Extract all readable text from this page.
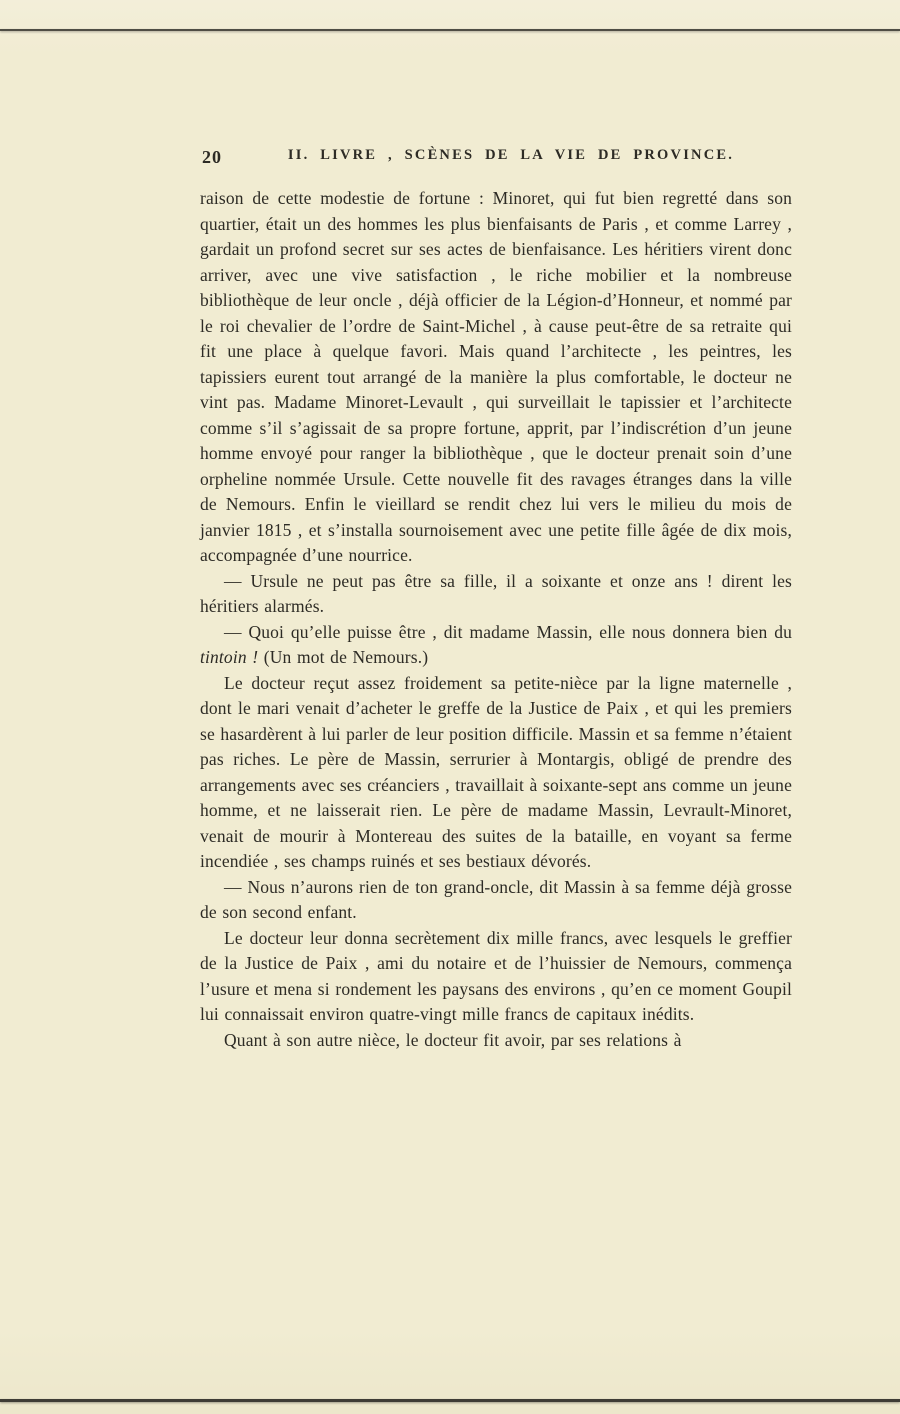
20	II. LIVRE , SCÈNES DE LA VIE DE PROVINCE.

raison de cette modestie de fortune : Minoret, qui fut bien regretté dans son quartier, était un des hommes les plus bienfaisants de Paris , et comme Larrey , gardait un profond secret sur ses actes de bienfaisance. Les héritiers virent donc arriver, avec une vive satisfaction , le riche mobilier et la nombreuse bibliothèque de leur oncle , déjà officier de la Légion-d’Honneur, et nommé par le roi chevalier de l’ordre de Saint-Michel , à cause peut-être de sa retraite qui fit une place à quelque favori. Mais quand l’architecte , les peintres, les tapissiers eurent tout arrangé de la manière la plus comfortable, le docteur ne vint pas. Madame Minoret-Levault , qui surveillait le tapissier et l’architecte comme s’il s’agissait de sa propre fortune, apprit, par l’indiscrétion d’un jeune homme envoyé pour ranger la bibliothèque , que le docteur prenait soin d’une orpheline nommée Ursule. Cette nouvelle fit des ravages étranges dans la ville de Nemours. Enfin le vieillard se rendit chez lui vers le milieu du mois de janvier 1815 , et s’installa sournoisement avec une petite fille âgée de dix mois, accompagnée d’une nourrice.

— Ursule ne peut pas être sa fille, il a soixante et onze ans ! dirent les héritiers alarmés.

— Quoi qu’elle puisse être , dit madame Massin, elle nous donnera bien du tintoin ! (Un mot de Nemours.)

Le docteur reçut assez froidement sa petite-nièce par la ligne maternelle , dont le mari venait d’acheter le greffe de la Justice de Paix , et qui les premiers se hasardèrent à lui parler de leur position difficile. Massin et sa femme n’étaient pas riches. Le père de Massin, serrurier à Montargis, obligé de prendre des arrangements avec ses créanciers , travaillait à soixante-sept ans comme un jeune homme, et ne laisserait rien. Le père de madame Massin, Levrault-Minoret, venait de mourir à Montereau des suites de la bataille, en voyant sa ferme incendiée , ses champs ruinés et ses bestiaux dévorés.

— Nous n’aurons rien de ton grand-oncle, dit Massin à sa femme déjà grosse de son second enfant.

Le docteur leur donna secrètement dix mille francs, avec lesquels le greffier de la Justice de Paix , ami du notaire et de l’huissier de Nemours, commença l’usure et mena si rondement les paysans des environs , qu’en ce moment Goupil lui connaissait environ quatre-vingt mille francs de capitaux inédits.

Quant à son autre nièce, le docteur fit avoir, par ses relations à
